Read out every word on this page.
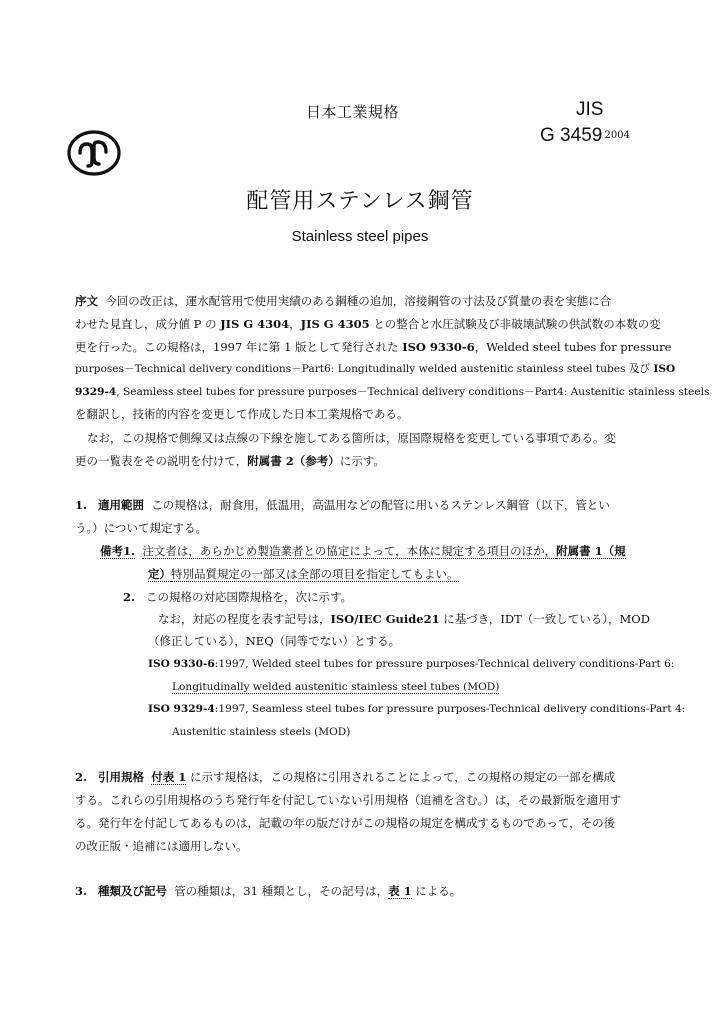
日本工業規格	JIS
G 3459
: 2004
配管用ステンレス鋼管
Stainless steel pipes
序文 今回の改正は，運水配管用で使用実績のある鋼種の追加，溶接鋼管の寸法及び質量の表を実態に合
わせた見直し，成分値 P の JIS G 4304，JIS G 4305 との整合と水圧試験及び非破壊試験の供試数の本数の変
更を行った。この規格は，1997 年に第 1 版として発行された ISO 9330-6，Welded steel tubes for pressure
purposes－Technical delivery conditions－Part6: Longitudinally welded austenitic stainless steel tubes 及び ISO
9329-4, Seamless steel tubes for pressure purposes－Technical delivery conditions－Part4: Austenitic stainless steels
を翻訳し，技術的内容を変更して作成した日本工業規格である。
なお，この規格で側線又は点線の下線を施してある箇所は，原国際規格を変更している事項である。変
更の一覧表をその説明を付けて，附属書 2（参考）に示す。
1. 適用範囲 この規格は，耐食用，低温用，高温用などの配管に用いるステンレス鋼管（以下，管とい
う。）について規定する。
備考1. 注文者は，あらかじめ製造業者との協定によって，本体に規定する項目のほか，附属書 1（規
定）特別品質規定の一部又は全部の項目を指定してもよい。
2. この規格の対応国際規格を，次に示す。
なお，対応の程度を表す記号は，ISO/IEC Guide21 に基づき，IDT（一致している），MOD
（修正している），NEQ（同等でない）とする。
ISO 9330-6:1997, Welded steel tubes for pressure purposes-Technical delivery conditions-Part 6:
Longitudinally welded austenitic stainless steel tubes (MOD)
ISO 9329-4:1997, Seamless steel tubes for pressure purposes-Technical delivery conditions-Part 4:
Austenitic stainless steels (MOD)
2. 引用規格 付表 1 に示す規格は，この規格に引用されることによって，この規格の規定の一部を構成
する。これらの引用規格のうち発行年を付記していない引用規格（追補を含む。）は，その最新版を適用す
る。発行年を付記してあるものは，記載の年の版だけがこの規格の規定を構成するものであって，その後
の改正版・追補には適用しない。
3. 種類及び記号 管の種類は，31 種類とし，その記号は，表 1 による。
